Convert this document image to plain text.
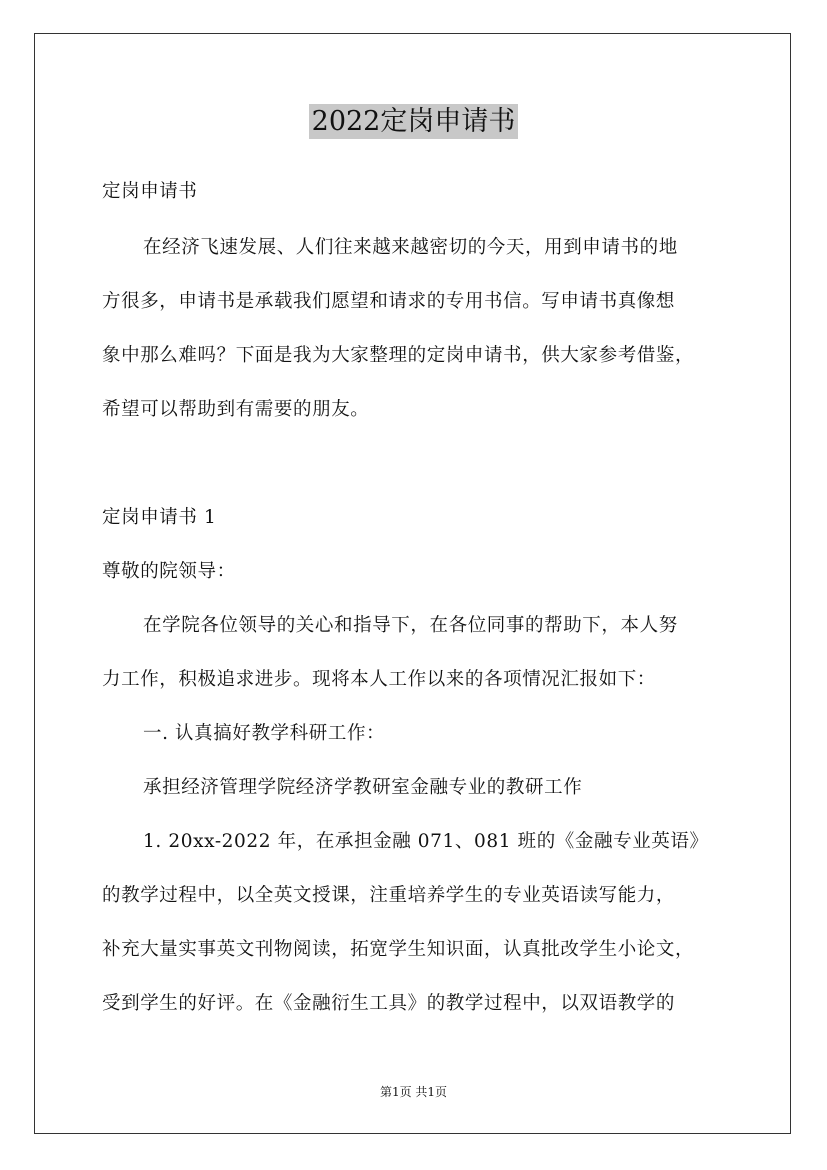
2022定岗申请书
定岗申请书
在经济飞速发展、人们往来越来越密切的今天，用到申请书的地
方很多，申请书是承载我们愿望和请求的专用书信。写申请书真像想
象中那么难吗？下面是我为大家整理的定岗申请书，供大家参考借鉴，
希望可以帮助到有需要的朋友。
定岗申请书 1
尊敬的院领导：
在学院各位领导的关心和指导下，在各位同事的帮助下，本人努
力工作，积极追求进步。现将本人工作以来的各项情况汇报如下：
一. 认真搞好教学科研工作：
承担经济管理学院经济学教研室金融专业的教研工作
1. 20xx-2022 年，在承担金融 071、081 班的《金融专业英语》
的教学过程中，以全英文授课，注重培养学生的专业英语读写能力，
补充大量实事英文刊物阅读，拓宽学生知识面，认真批改学生小论文，
受到学生的好评。在《金融衍生工具》的教学过程中，以双语教学的
第1页 共1页
